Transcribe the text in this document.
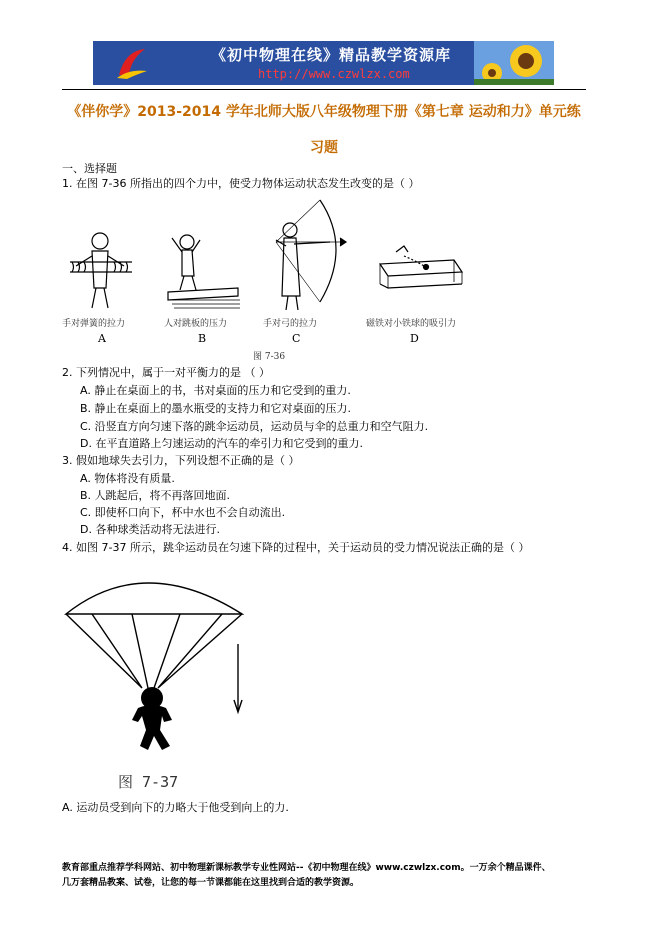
《初中物理在线》精品教学资源库
http://www.czwlzx.com
《伴你学》2013-2014 学年北师大版八年级物理下册《第七章 运动和力》单元练习题
一、选择题
1. 在图 7-36 所指出的四个力中，使受力物体运动状态发生改变的是（ ）
手对弹簧的拉力	人对跳板的压力	手对弓的拉力	磁铁对小铁球的吸引力
A	B	C	D
图 7-36
2. 下列情况中，属于一对平衡力的是 （ ）
A. 静止在桌面上的书，书对桌面的压力和它受到的重力.
B. 静止在桌面上的墨水瓶受的支持力和它对桌面的压力.
C. 沿竖直方向匀速下落的跳伞运动员，运动员与伞的总重力和空气阻力.
D. 在平直道路上匀速运动的汽车的牵引力和它受到的重力.
3. 假如地球失去引力，下列设想不正确的是（ ）
A. 物体将没有质量.
B. 人跳起后，将不再落回地面.
C. 即使杯口向下，杯中水也不会自动流出.
D. 各种球类活动将无法进行.
4. 如图 7-37 所示，跳伞运动员在匀速下降的过程中，关于运动员的受力情况说法正确的是（ ）
图 7-37
A. 运动员受到向下的力略大于他受到向上的力.
教育部重点推荐学科网站、初中物理新课标教学专业性网站--《初中物理在线》www.czwlzx.com。一万余个精品课件、
几万套精品教案、试卷，让您的每一节课都能在这里找到合适的教学资源。
